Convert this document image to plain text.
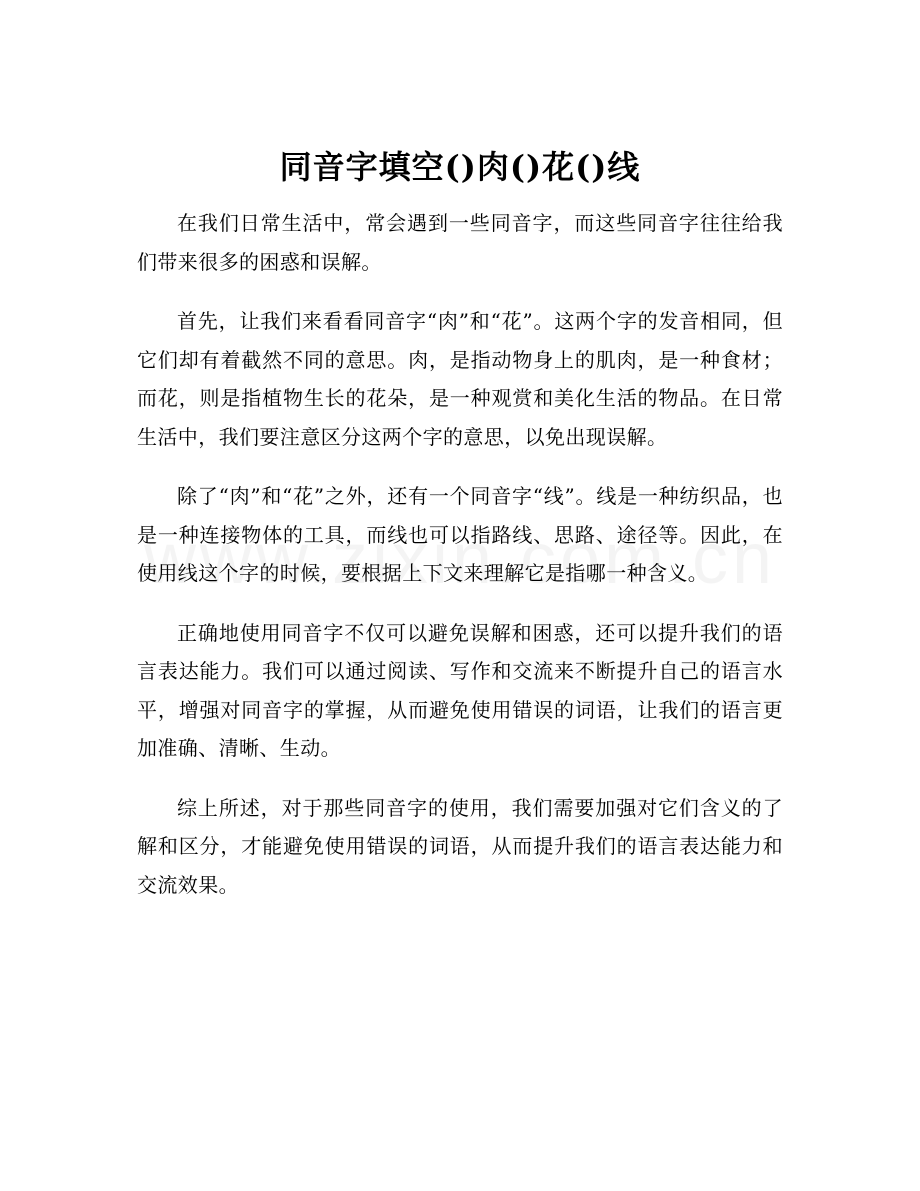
同音字填空()肉()花()线

在我们日常生活中，常会遇到一些同音字，而这些同音字往往给我们带来很多的困惑和误解。

首先，让我们来看看同音字“肉”和“花”。这两个字的发音相同，但它们却有着截然不同的意思。肉，是指动物身上的肌肉，是一种食材；而花，则是指植物生长的花朵，是一种观赏和美化生活的物品。在日常生活中，我们要注意区分这两个字的意思，以免出现误解。

除了“肉”和“花”之外，还有一个同音字“线”。线是一种纺织品，也是一种连接物体的工具，而线也可以指路线、思路、途径等。因此，在使用线这个字的时候，要根据上下文来理解它是指哪一种含义。

正确地使用同音字不仅可以避免误解和困惑，还可以提升我们的语言表达能力。我们可以通过阅读、写作和交流来不断提升自己的语言水平，增强对同音字的掌握，从而避免使用错误的词语，让我们的语言更加准确、清晰、生动。

综上所述，对于那些同音字的使用，我们需要加强对它们含义的了解和区分，才能避免使用错误的词语，从而提升我们的语言表达能力和交流效果。
